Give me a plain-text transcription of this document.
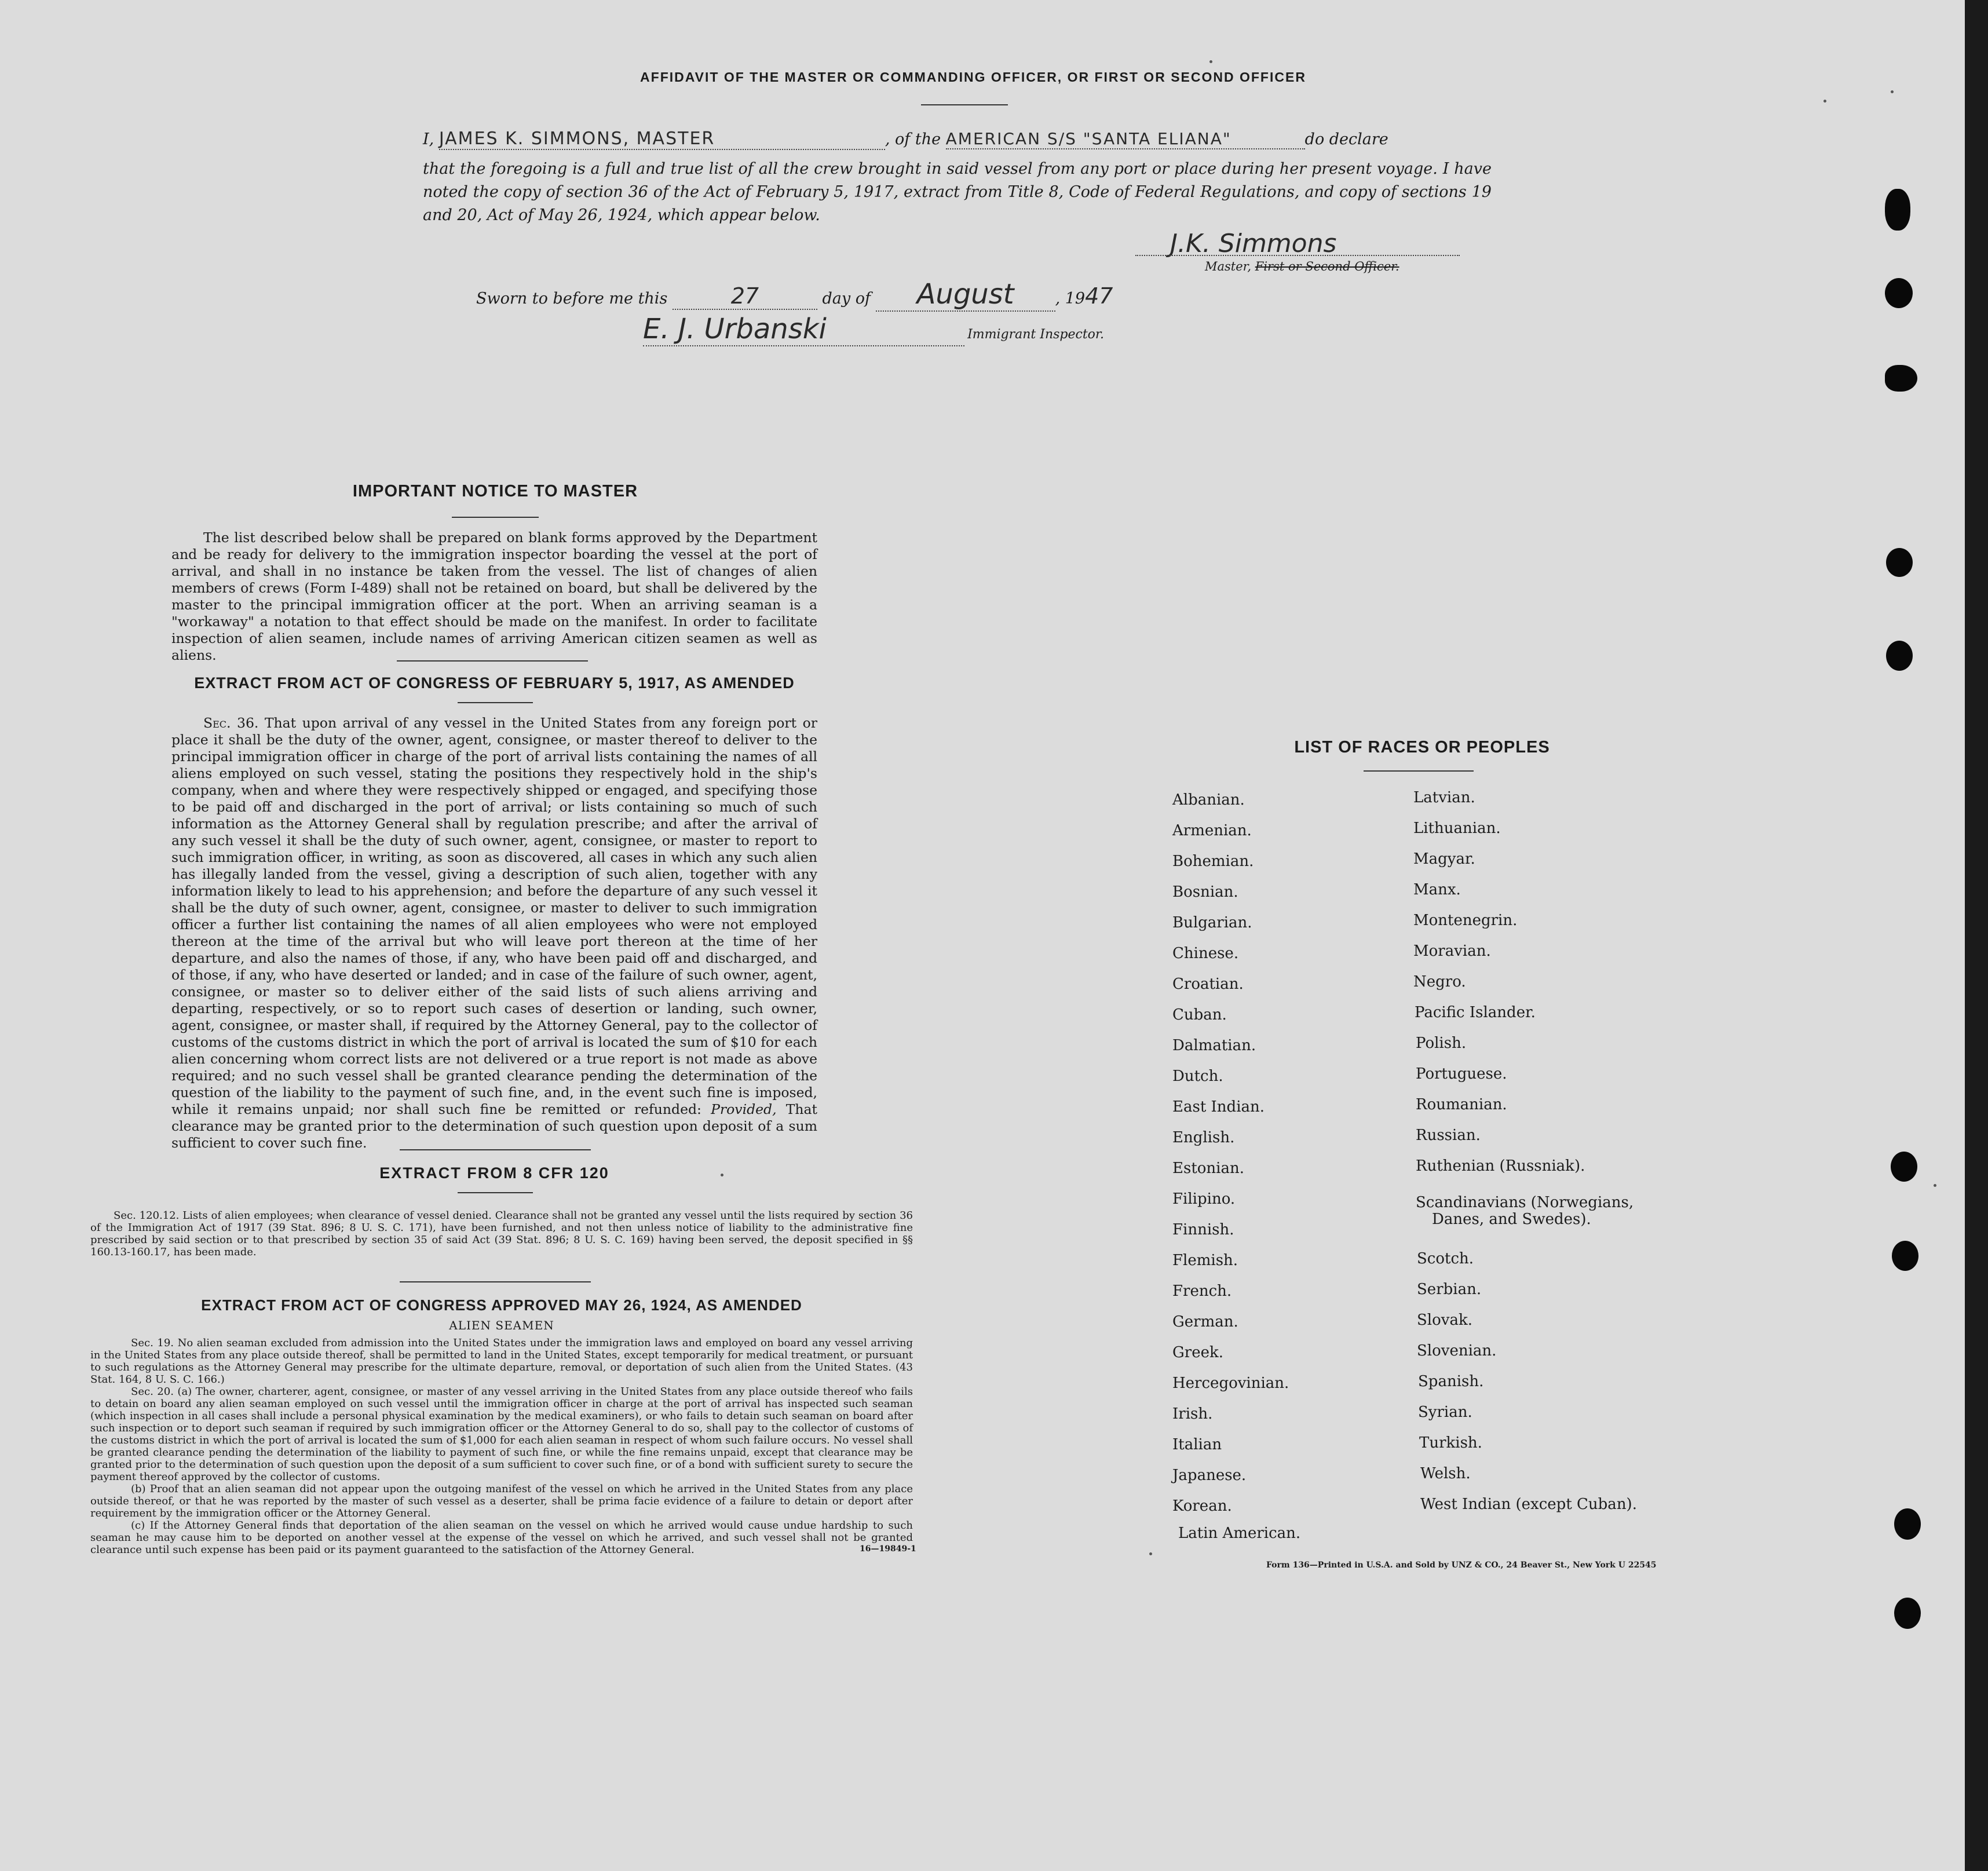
AFFIDAVIT OF THE MASTER OR COMMANDING OFFICER, OR FIRST OR SECOND OFFICER
I, JAMES K. SIMMONS, MASTER	, of the AMERICAN S/S "SANTA ELIANA"	do declare
that the foregoing is a full and true list of all the crew brought in said vessel from any port or place during her present voyage. I have noted the copy of section 36 of the Act of February 5, 1917, extract from Title 8, Code of Federal Regulations, and copy of sections 19 and 20, Act of May 26, 1924, which appear below.
J.K. Simmons
Master, First or Second Officer.
Sworn to before me this	27	day of August	, 1947
E. J. Urbanski	Immigrant Inspector.
IMPORTANT NOTICE TO MASTER
The list described below shall be prepared on blank forms approved by the Department and be ready for delivery to the immigration inspector boarding the vessel at the port of arrival, and shall in no instance be taken from the vessel. The list of changes of alien members of crews (Form I-489) shall not be retained on board, but shall be delivered by the master to the principal immigration officer at the port. When an arriving seaman is a "workaway" a notation to that effect should be made on the manifest. In order to facilitate inspection of alien seamen, include names of arriving American citizen seamen as well as aliens.
EXTRACT FROM ACT OF CONGRESS OF FEBRUARY 5, 1917, AS AMENDED
Sec. 36. That upon arrival of any vessel in the United States from any foreign port or place it shall be the duty of the owner, agent, consignee, or master thereof to deliver to the principal immigration officer in charge of the port of arrival lists containing the names of all aliens employed on such vessel, stating the positions they respectively hold in the ship's company, when and where they were respectively shipped or engaged, and specifying those to be paid off and discharged in the port of arrival; or lists containing so much of such information as the Attorney General shall by regulation prescribe; and after the arrival of any such vessel it shall be the duty of such owner, agent, consignee, or master to report to such immigration officer, in writing, as soon as discovered, all cases in which any such alien has illegally landed from the vessel, giving a description of such alien, together with any information likely to lead to his apprehension; and before the departure of any such vessel it shall be the duty of such owner, agent, consignee, or master to deliver to such immigration officer a further list containing the names of all alien employees who were not employed thereon at the time of the arrival but who will leave port thereon at the time of her departure, and also the names of those, if any, who have been paid off and discharged, and of those, if any, who have deserted or landed; and in case of the failure of such owner, agent, consignee, or master so to deliver either of the said lists of such aliens arriving and departing, respectively, or so to report such cases of desertion or landing, such owner, agent, consignee, or master shall, if required by the Attorney General, pay to the collector of customs of the customs district in which the port of arrival is located the sum of $10 for each alien concerning whom correct lists are not delivered or a true report is not made as above required; and no such vessel shall be granted clearance pending the determination of the question of the liability to the payment of such fine, and, in the event such fine is imposed, while it remains unpaid; nor shall such fine be remitted or refunded: Provided, That clearance may be granted prior to the determination of such question upon deposit of a sum sufficient to cover such fine.
EXTRACT FROM 8 CFR 120
Sec. 120.12. Lists of alien employees; when clearance of vessel denied. Clearance shall not be granted any vessel until the lists required by section 36 of the Immigration Act of 1917 (39 Stat. 896; 8 U. S. C. 171), have been furnished, and not then unless notice of liability to the administrative fine prescribed by said section or to that prescribed by section 35 of said Act (39 Stat. 896; 8 U. S. C. 169) having been served, the deposit specified in §§ 160.13-160.17, has been made.
EXTRACT FROM ACT OF CONGRESS APPROVED MAY 26, 1924, AS AMENDED
ALIEN SEAMEN

Sec. 19. No alien seaman excluded from admission into the United States under the immigration laws and employed on board any vessel arriving in the United States from any place outside thereof, shall be permitted to land in the United States, except temporarily for medical treatment, or pursuant to such regulations as the Attorney General may prescribe for the ultimate departure, removal, or deportation of such alien from the United States. (43 Stat. 164, 8 U. S. C. 166.)

Sec. 20. (a) The owner, charterer, agent, consignee, or master of any vessel arriving in the United States from any place outside thereof who fails to detain on board any alien seaman employed on such vessel until the immigration officer in charge at the port of arrival has inspected such seaman (which inspection in all cases shall include a personal physical examination by the medical examiners), or who fails to detain such seaman on board after such inspection or to deport such seaman if required by such immigration officer or the Attorney General to do so, shall pay to the collector of customs of the customs district in which the port of arrival is located the sum of $1,000 for each alien seaman in respect of whom such failure occurs. No vessel shall be granted clearance pending the determination of the liability to payment of such fine, or while the fine remains unpaid, except that clearance may be granted prior to the determination of such question upon the deposit of a sum sufficient to cover such fine, or of a bond with sufficient surety to secure the payment thereof approved by the collector of customs.

(b) Proof that an alien seaman did not appear upon the outgoing manifest of the vessel on which he arrived in the United States from any place outside thereof, or that he was reported by the master of such vessel as a deserter, shall be prima facie evidence of a failure to detain or deport after requirement by the immigration officer or the Attorney General.

(c) If the Attorney General finds that deportation of the alien seaman on the vessel on which he arrived would cause undue hardship to such seaman he may cause him to be deported on another vessel at the expense of the vessel on which he arrived, and such vessel shall not be granted clearance until such expense has been paid or its payment guaranteed to the satisfaction of the Attorney General.	16—19849-1
LIST OF RACES OR PEOPLES
Albanian.
Armenian.
Bohemian.
Bosnian.
Bulgarian.
Chinese.
Croatian.
Cuban.
Dalmatian.
Dutch.
East Indian.
English.
Estonian.
Filipino.
Finnish.
Flemish.
French.
German.
Greek.
Hercegovinian.
Irish.
Italian
Japanese.
Korean.
Latin American.
Latvian.
Lithuanian.
Magyar.
Manx.
Montenegrin.
Moravian.
Negro.
Pacific Islander.
Polish.
Portuguese.
Roumanian.
Russian.
Ruthenian (Russniak).
Scandinavians (Norwegians,
Danes, and Swedes).
Scotch.
Serbian.
Slovak.
Slovenian.
Spanish.
Syrian.
Turkish.
Welsh.
West Indian (except Cuban).
Form 136—Printed in U.S.A. and Sold by UNZ & CO., 24 Beaver St., New York U 22545
